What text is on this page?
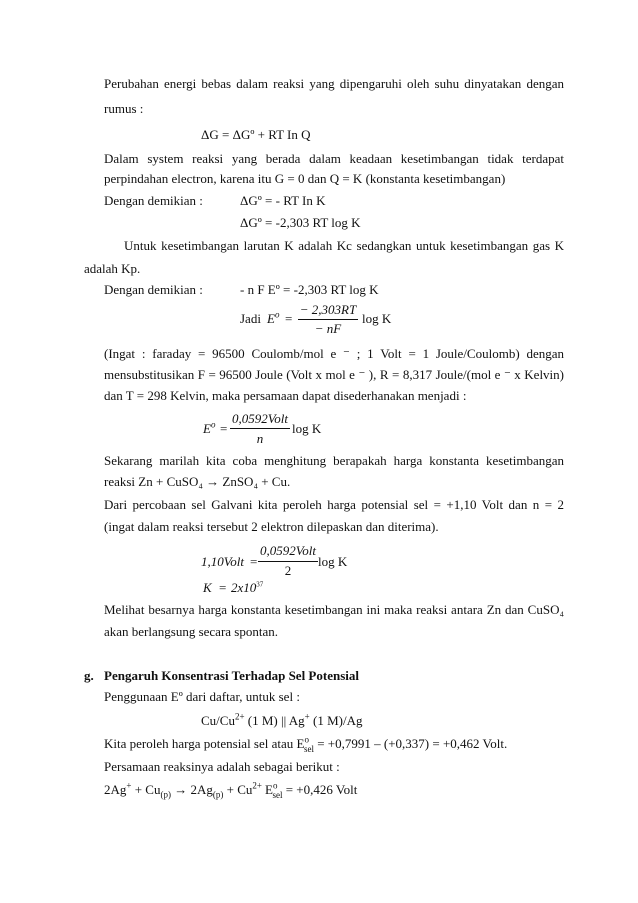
Perubahan energi bebas dalam reaksi yang dipengaruhi oleh suhu dinyatakan dengan
rumus :
ΔG = ΔGº + RT In Q
Dalam system reaksi yang berada dalam keadaan kesetimbangan tidak terdapat
perpindahan electron, karena itu G = 0 dan Q = K (konstanta kesetimbangan)
Dengan demikian :	ΔGº = - RT In K
ΔGº = -2,303 RT log K
Untuk kesetimbangan larutan K adalah Kc sedangkan untuk kesetimbangan gas K
adalah Kp.
Dengan demikian :	- n F Eº = -2,303 RT log K
Jadi $E^o$ =
− 2,303RT
− nF
log K
(Ingat : faraday = 96500 Coulomb/mol e ⁻ ; 1 Volt = 1 Joule/Coulomb) dengan
mensubstitusikan F = 96500 Joule (Volt x mol e ⁻ ), R = 8,317 Joule/(mol e ⁻ x Kelvin)
dan T = 298 Kelvin, maka persamaan dapat disederhanakan menjadi :
$E^o$ =
0,0592Volt
n
log K
Sekarang marilah kita coba menghitung berapakah harga konstanta kesetimbangan
reaksi Zn + CuSO₄ → ZnSO₄ + Cu.
Dari percobaan sel Galvani kita peroleh harga potensial sel = +1,10 Volt dan n = 2
(ingat dalam reaksi tersebut 2 elektron dilepaskan dan diterima).
1,10Volt =
0,0592Volt
2
log K
$K = 2x10^{37}$
Melihat besarnya harga konstanta kesetimbangan ini maka reaksi antara Zn dan CuSO₄
akan berlangsung secara spontan.
g. Pengaruh Konsentrasi Terhadap Sel Potensial
Penggunaan Eº dari daftar, untuk sel :
$Cu/Cu^{2+}$ (1 M) || Ag+ (1 M)/Ag
Kita peroleh harga potensial sel atau $E^o_{sel} = +0,7991 - (+0,337) = +0,462$ Volt.
Persamaan reaksinya adalah sebagai berikut :
$2Ag^+ + Cu_{(p)} \to 2Ag_{(p)} + Cu^{2+}$ $E^o_{sel} = +0,426$ Volt
